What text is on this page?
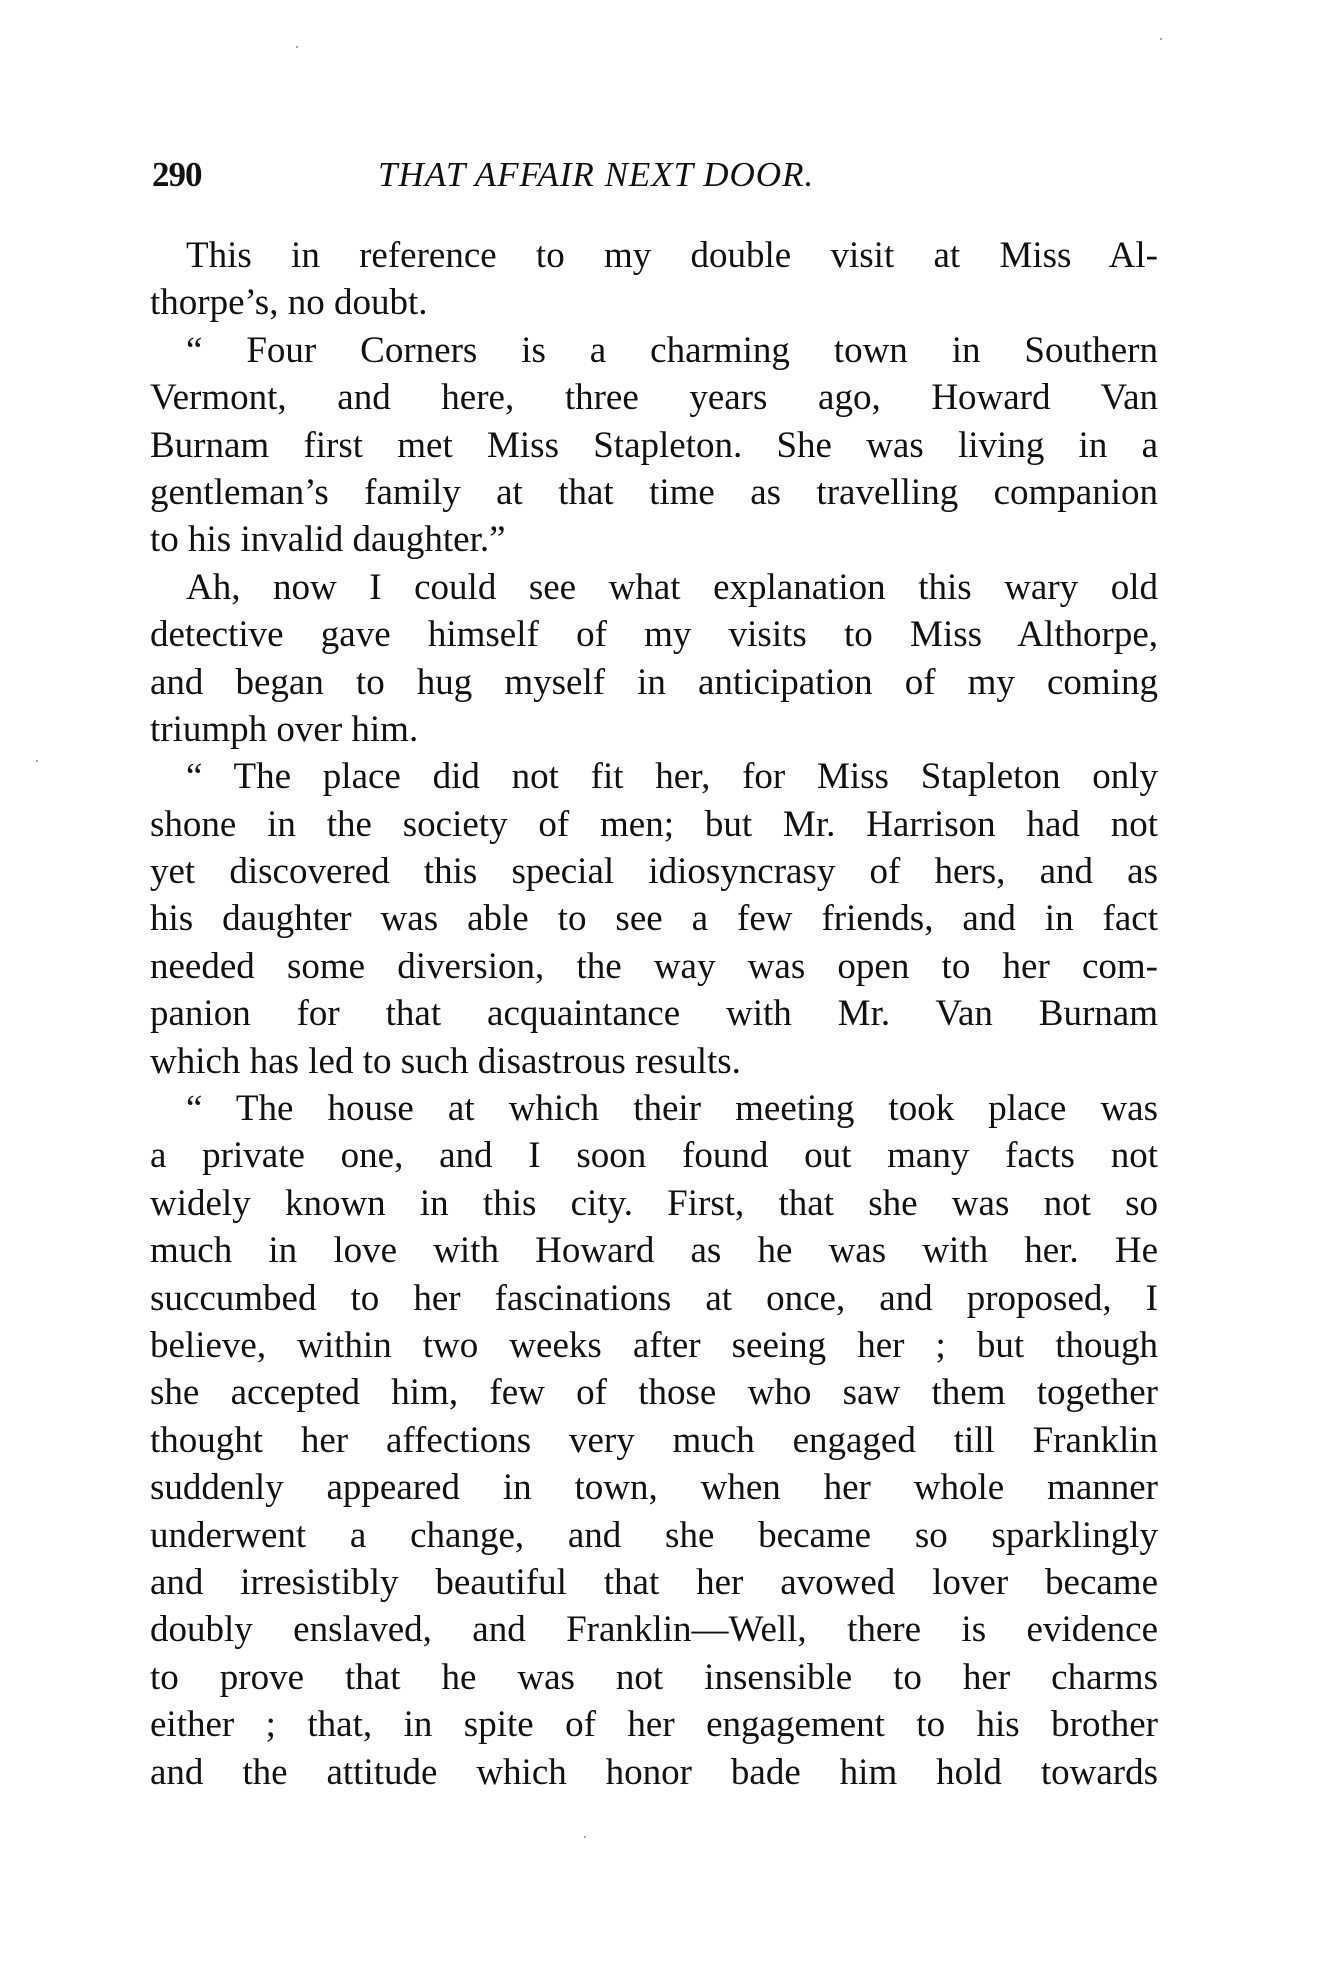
290	THAT AFFAIR NEXT DOOR.
This in reference to my double visit at Miss Al-
thorpe’s, no doubt.
“ Four Corners is a charming town in Southern
Vermont, and here, three years ago, Howard Van
Burnam first met Miss Stapleton. She was living in a
gentleman’s family at that time as travelling companion
to his invalid daughter.”
Ah, now I could see what explanation this wary old
detective gave himself of my visits to Miss Althorpe,
and began to hug myself in anticipation of my coming
triumph over him.
“ The place did not fit her, for Miss Stapleton only
shone in the society of men; but Mr. Harrison had not
yet discovered this special idiosyncrasy of hers, and as
his daughter was able to see a few friends, and in fact
needed some diversion, the way was open to her com-
panion for that acquaintance with Mr. Van Burnam
which has led to such disastrous results.
“ The house at which their meeting took place was
a private one, and I soon found out many facts not
widely known in this city. First, that she was not so
much in love with Howard as he was with her. He
succumbed to her fascinations at once, and proposed, I
believe, within two weeks after seeing her ; but though
she accepted him, few of those who saw them together
thought her affections very much engaged till Franklin
suddenly appeared in town, when her whole manner
underwent a change, and she became so sparklingly
and irresistibly beautiful that her avowed lover became
doubly enslaved, and Franklin—Well, there is evidence
to prove that he was not insensible to her charms
either ; that, in spite of her engagement to his brother
and the attitude which honor bade him hold towards
